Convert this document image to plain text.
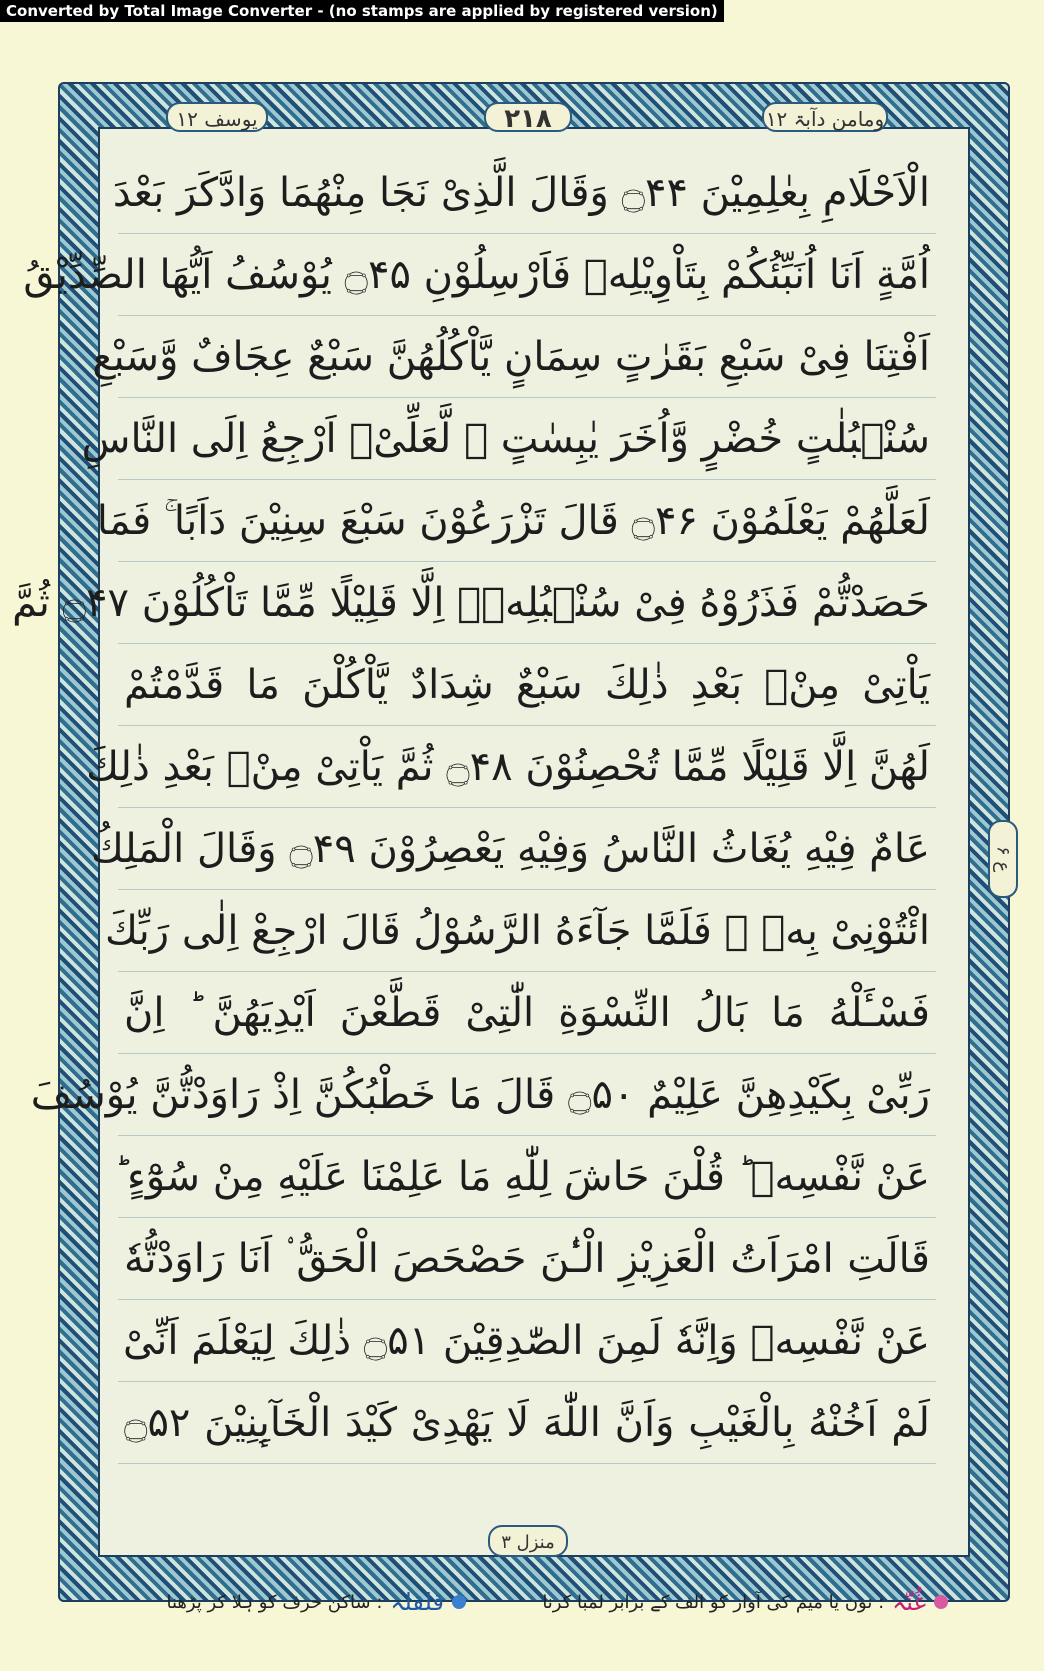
Converted by Total Image Converter - (no stamps are applied by registered version)
ومامن دآبۃ ۱۲
۲۱۸
یوسف ۱۲
الْاَحْلَامِ بِعٰلِمِیْنَ ۝۴۴ وَقَالَ الَّذِیْ نَجَا مِنْهُمَا وَادَّكَرَ بَعْدَ
اُمَّةٍ اَنَا اُنَبِّئُكُمْ بِتَاْوِیْلِهٖ فَاَرْسِلُوْنِ ۝۴۵ یُوْسُفُ اَیُّهَا الصِّدِّیْقُ
اَفْتِنَا فِیْ سَبْعِ بَقَرٰتٍ سِمَانٍ یَّاْكُلُهُنَّ سَبْعٌ عِجَافٌ وَّسَبْعِ
سُنْۢبُلٰتٍ خُضْرٍ وَّاُخَرَ یٰبِسٰتٍ ۙ لَّعَلِّیْۤ اَرْجِعُ اِلَى النَّاسِ
لَعَلَّهُمْ یَعْلَمُوْنَ ۝۴۶ قَالَ تَزْرَعُوْنَ سَبْعَ سِنِیْنَ دَاَبًا ۚ فَمَا
حَصَدْتُّمْ فَذَرُوْهُ فِیْ سُنْۢبُلِهٖۤ اِلَّا قَلِیْلًا مِّمَّا تَاْكُلُوْنَ ۝۴۷ ثُمَّ
یَاْتِیْ مِنْۢ بَعْدِ ذٰلِكَ سَبْعٌ شِدَادٌ یَّاْكُلْنَ مَا قَدَّمْتُمْ
لَهُنَّ اِلَّا قَلِیْلًا مِّمَّا تُحْصِنُوْنَ ۝۴۸ ثُمَّ یَاْتِیْ مِنْۢ بَعْدِ ذٰلِكَ
عَامٌ فِیْهِ یُغَاثُ النَّاسُ وَفِیْهِ یَعْصِرُوْنَ ۝۴۹ وَقَالَ الْمَلِكُ
ائْتُوْنِیْ بِهٖ ۚ فَلَمَّا جَآءَهُ الرَّسُوْلُ قَالَ ارْجِعْ اِلٰى رَبِّكَ
فَسْـَٔلْهُ مَا بَالُ النِّسْوَةِ الّٰتِیْ قَطَّعْنَ اَیْدِیَهُنَّ ؕ اِنَّ
رَبِّیْ بِكَیْدِهِنَّ عَلِیْمٌ ۝۵۰ قَالَ مَا خَطْبُكُنَّ اِذْ رَاوَدْتُّنَّ یُوْسُفَ
عَنْ نَّفْسِهٖ ؕ قُلْنَ حَاشَ لِلّٰهِ مَا عَلِمْنَا عَلَیْهِ مِنْ سُوْٓءٍ ؕ
قَالَتِ امْرَاَتُ الْعَزِیْزِ الْـٰٔنَ حَصْحَصَ الْحَقُّ ۟ اَنَا رَاوَدْتُّهٗ
عَنْ نَّفْسِهٖ وَاِنَّهٗ لَمِنَ الصّٰدِقِیْنَ ۝۵۱ ذٰلِكَ لِیَعْلَمَ اَنِّیْ
لَمْ اَخُنْهُ بِالْغَیْبِ وَاَنَّ اللّٰهَ لَا یَهْدِیْ كَیْدَ الْخَآىِٕنِیْنَ ۝۵۲
ع ۶
منزل ۳
غُنّہ
: نون یا میم کی آواز کو الف کے برابر لمبا کرنا
قلقلہ
: ساکن حرف کو ہلا کر پڑھنا
